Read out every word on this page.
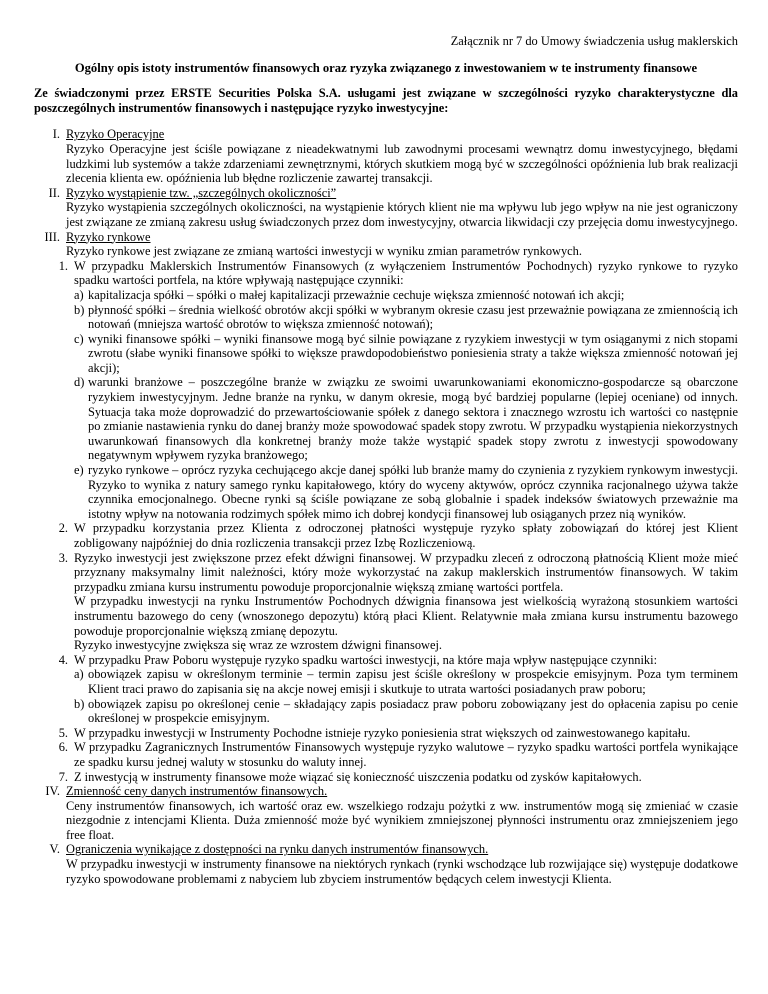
Załącznik nr 7 do Umowy świadczenia usług maklerskich
Ogólny opis istoty instrumentów finansowych oraz ryzyka związanego z inwestowaniem w te instrumenty finansowe
Ze świadczonymi przez ERSTE Securities Polska S.A. usługami jest związane w szczególności ryzyko charakterystyczne dla poszczególnych instrumentów finansowych i następujące ryzyko inwestycyjne:
I. Ryzyko Operacyjne

Ryzyko Operacyjne jest ściśle powiązane z nieadekwatnymi lub zawodnymi procesami wewnątrz domu inwestycyjnego, błędami ludzkimi lub systemów a także zdarzeniami zewnętrznymi, których skutkiem mogą być w szczególności opóźnienia lub brak realizacji zlecenia klienta ew. opóźnienia lub błędne rozliczenie zawartej transakcji.

II. Ryzyko wystąpienie tzw. „szczególnych okoliczności”

Ryzyko wystąpienia szczególnych okoliczności, na wystąpienie których klient nie ma wpływu lub jego wpływ na nie jest ograniczony jest związane ze zmianą zakresu usług świadczonych przez dom inwestycyjny, otwarcia likwidacji czy przejęcia domu inwestycyjnego.

III. Ryzyko rynkowe

Ryzyko rynkowe jest związane ze zmianą wartości inwestycji w wyniku zmian parametrów rynkowych.

1. W przypadku Maklerskich Instrumentów Finansowych (z wyłączeniem Instrumentów Pochodnych) ryzyko rynkowe to ryzyko spadku wartości portfela, na które wpływają następujące czynniki:

a) kapitalizacja spółki – spółki o małej kapitalizacji przeważnie cechuje większa zmienność notowań ich akcji;

b) płynność spółki – średnia wielkość obrotów akcji spółki w wybranym okresie czasu jest przeważnie powiązana ze zmiennością ich notowań (mniejsza wartość obrotów to większa zmienność notowań);

c) wyniki finansowe spółki – wyniki finansowe mogą być silnie powiązane z ryzykiem inwestycji w tym osiąganymi z nich stopami zwrotu (słabe wyniki finansowe spółki to większe prawdopodobieństwo poniesienia straty a także większa zmienność notowań jej akcji);

d) warunki branżowe – poszczególne branże w związku ze swoimi uwarunkowaniami ekonomiczno-gospodarcze są obarczone ryzykiem inwestycyjnym. Jedne branże na rynku, w danym okresie, mogą być bardziej popularne (lepiej oceniane) od innych. Sytuacja taka może doprowadzić do przewartościowanie spółek z danego sektora i znacznego wzrostu ich wartości co następnie po zmianie nastawienia rynku do danej branży może spowodować spadek stopy zwrotu. W przypadku wystąpienia niekorzystnych uwarunkowań finansowych dla konkretnej branży może także wystąpić spadek stopy zwrotu z inwestycji spowodowany negatywnym wpływem ryzyka branżowego;

e) ryzyko rynkowe – oprócz ryzyka cechującego akcje danej spółki lub branże mamy do czynienia z ryzykiem rynkowym inwestycji. Ryzyko to wynika z natury samego rynku kapitałowego, który do wyceny aktywów, oprócz czynnika racjonalnego używa także czynnika emocjonalnego. Obecne rynki są ściśle powiązane ze sobą globalnie i spadek indeksów światowych przeważnie ma istotny wpływ na notowania rodzimych spółek mimo ich dobrej kondycji finansowej lub osiąganych przez nią wyników.

2. W przypadku korzystania przez Klienta z odroczonej płatności występuje ryzyko spłaty zobowiązań do której jest Klient zobligowany najpóźniej do dnia rozliczenia transakcji przez Izbę Rozliczeniową.

3. Ryzyko inwestycji jest zwiększone przez efekt dźwigni finansowej. W przypadku zleceń z odroczoną płatnością Klient może mieć przyznany maksymalny limit należności, który może wykorzystać na zakup maklerskich instrumentów finansowych. W takim przypadku zmiana kursu instrumentu powoduje proporcjonalnie większą zmianę wartości portfela.

W przypadku inwestycji na rynku Instrumentów Pochodnych dźwignia finansowa jest wielkością wyrażoną stosunkiem wartości instrumentu bazowego do ceny (wnoszonego depozytu) którą płaci Klient. Relatywnie mała zmiana kursu instrumentu bazowego powoduje proporcjonalnie większą zmianę depozytu.

Ryzyko inwestycyjne zwiększa się wraz ze wzrostem dźwigni finansowej.

4. W przypadku Praw Poboru występuje ryzyko spadku wartości inwestycji, na które maja wpływ następujące czynniki:

a) obowiązek zapisu w określonym terminie – termin zapisu jest ściśle określony w prospekcie emisyjnym. Poza tym terminem Klient traci prawo do zapisania się na akcje nowej emisji i skutkuje to utrata wartości posiadanych praw poboru;

b) obowiązek zapisu po określonej cenie – składający zapis posiadacz praw poboru zobowiązany jest do opłacenia zapisu po cenie określonej w prospekcie emisyjnym.

5. W przypadku inwestycji w Instrumenty Pochodne istnieje ryzyko poniesienia strat większych od zainwestowanego kapitału.

6. W przypadku Zagranicznych Instrumentów Finansowych występuje ryzyko walutowe – ryzyko spadku wartości portfela wynikające ze spadku kursu jednej waluty w stosunku do waluty innej.

7. Z inwestycją w instrumenty finansowe może wiązać się konieczność uiszczenia podatku od zysków kapitałowych.

IV. Zmienność ceny danych instrumentów finansowych.

Ceny instrumentów finansowych, ich wartość oraz ew. wszelkiego rodzaju pożytki z ww. instrumentów mogą się zmieniać w czasie niezgodnie z intencjami Klienta. Duża zmienność może być wynikiem zmniejszonej płynności instrumentu oraz zmniejszeniem jego free float.

V. Ograniczenia wynikające z dostępności na rynku danych instrumentów finansowych.

W przypadku inwestycji w instrumenty finansowe na niektórych rynkach (rynki wschodzące lub rozwijające się) występuje dodatkowe ryzyko spowodowane problemami z nabyciem lub zbyciem instrumentów będących celem inwestycji Klienta.
